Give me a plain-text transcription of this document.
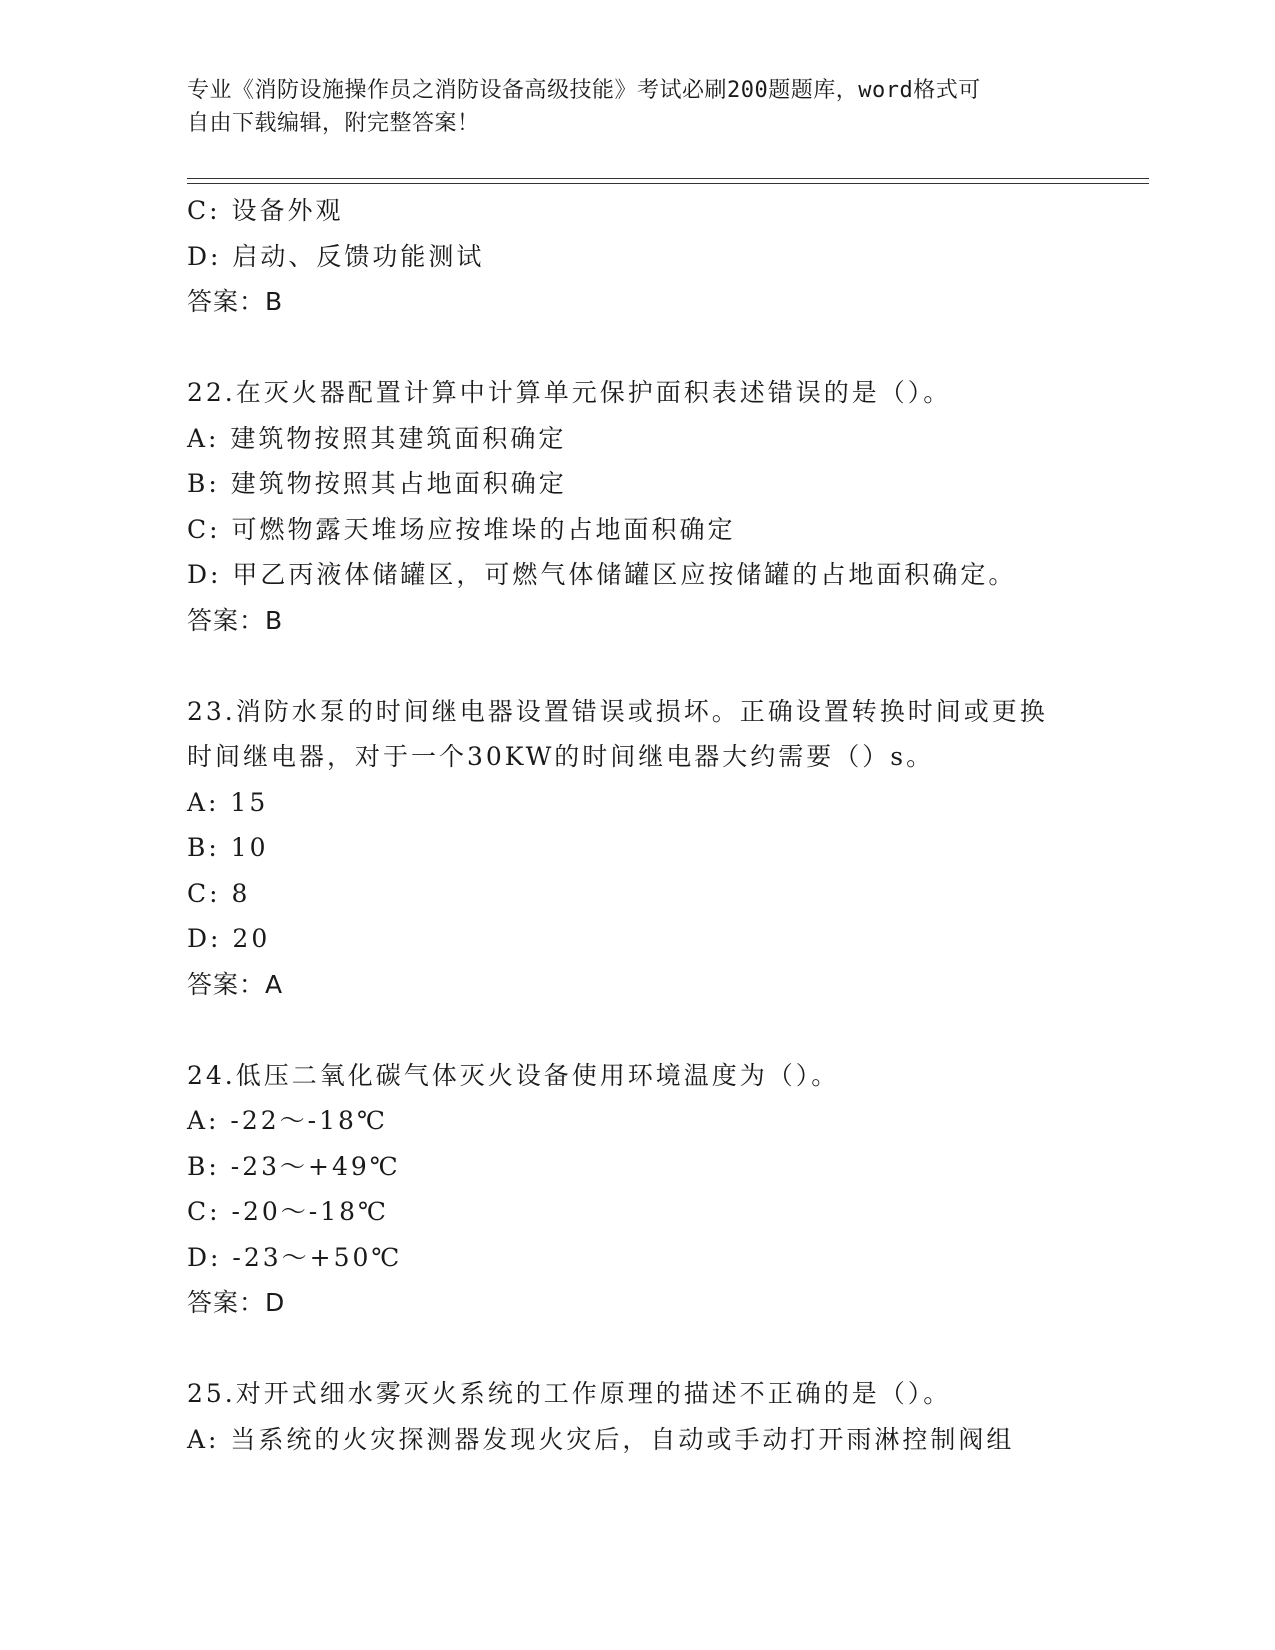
专业《消防设施操作员之消防设备高级技能》考试必刷200题题库，word格式可
自由下载编辑，附完整答案！
C: 设备外观
D: 启动、反馈功能测试
答案：B
22.在灭火器配置计算中计算单元保护面积表述错误的是（）。
A: 建筑物按照其建筑面积确定
B: 建筑物按照其占地面积确定
C: 可燃物露天堆场应按堆垛的占地面积确定
D: 甲乙丙液体储罐区，可燃气体储罐区应按储罐的占地面积确定。
答案：B
23.消防水泵的时间继电器设置错误或损坏。正确设置转换时间或更换
时间继电器，对于一个30KW的时间继电器大约需要（）s。
A: 15
B: 10
C: 8
D: 20
答案：A
24.低压二氧化碳气体灭火设备使用环境温度为（）。
A: -22～-18℃
B: -23～+49℃
C: -20～-18℃
D: -23～+50℃
答案：D
25.对开式细水雾灭火系统的工作原理的描述不正确的是（）。
A: 当系统的火灾探测器发现火灾后，自动或手动打开雨淋控制阀组
